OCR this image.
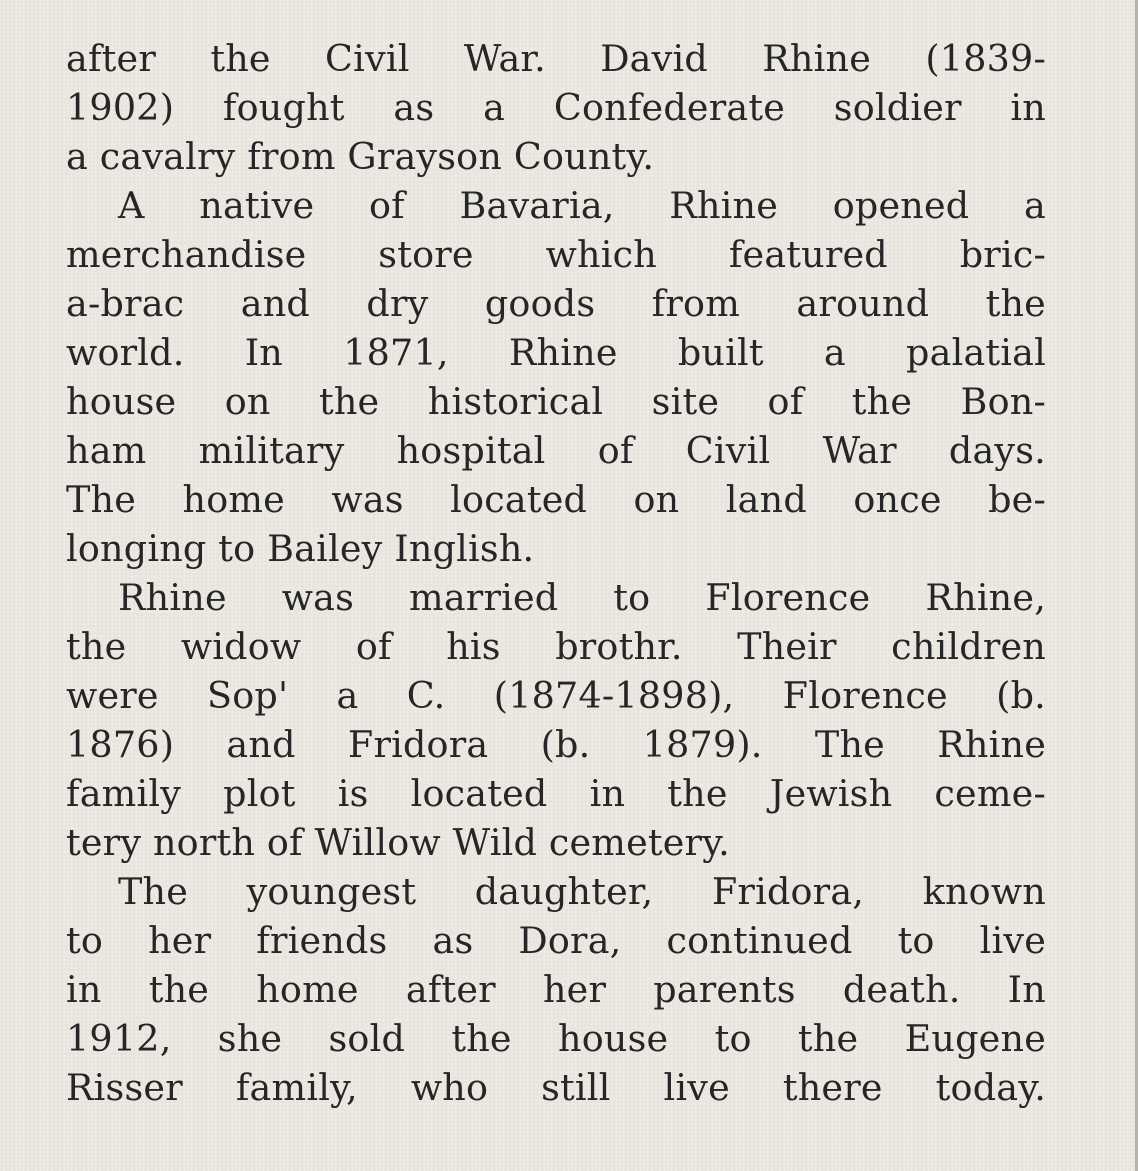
after the Civil War. David Rhine (1839-
1902) fought as a Confederate soldier in
a cavalry from Grayson County.
A native of Bavaria, Rhine opened a
merchandise store which featured bric-
a-brac and dry goods from around the
world. In 1871, Rhine built a palatial
house on the historical site of the Bon-
ham military hospital of Civil War days.
The home was located on land once be-
longing to Bailey Inglish.
Rhine was married to Florence Rhine,
the widow of his brothr. Their children
were Sop' a C. (1874-1898), Florence (b.
1876) and Fridora (b. 1879). The Rhine
family plot is located in the Jewish ceme-
tery north of Willow Wild cemetery.
The youngest daughter, Fridora, known
to her friends as Dora, continued to live
in the home after her parents death. In
1912, she sold the house to the Eugene
Risser family, who still live there today.
